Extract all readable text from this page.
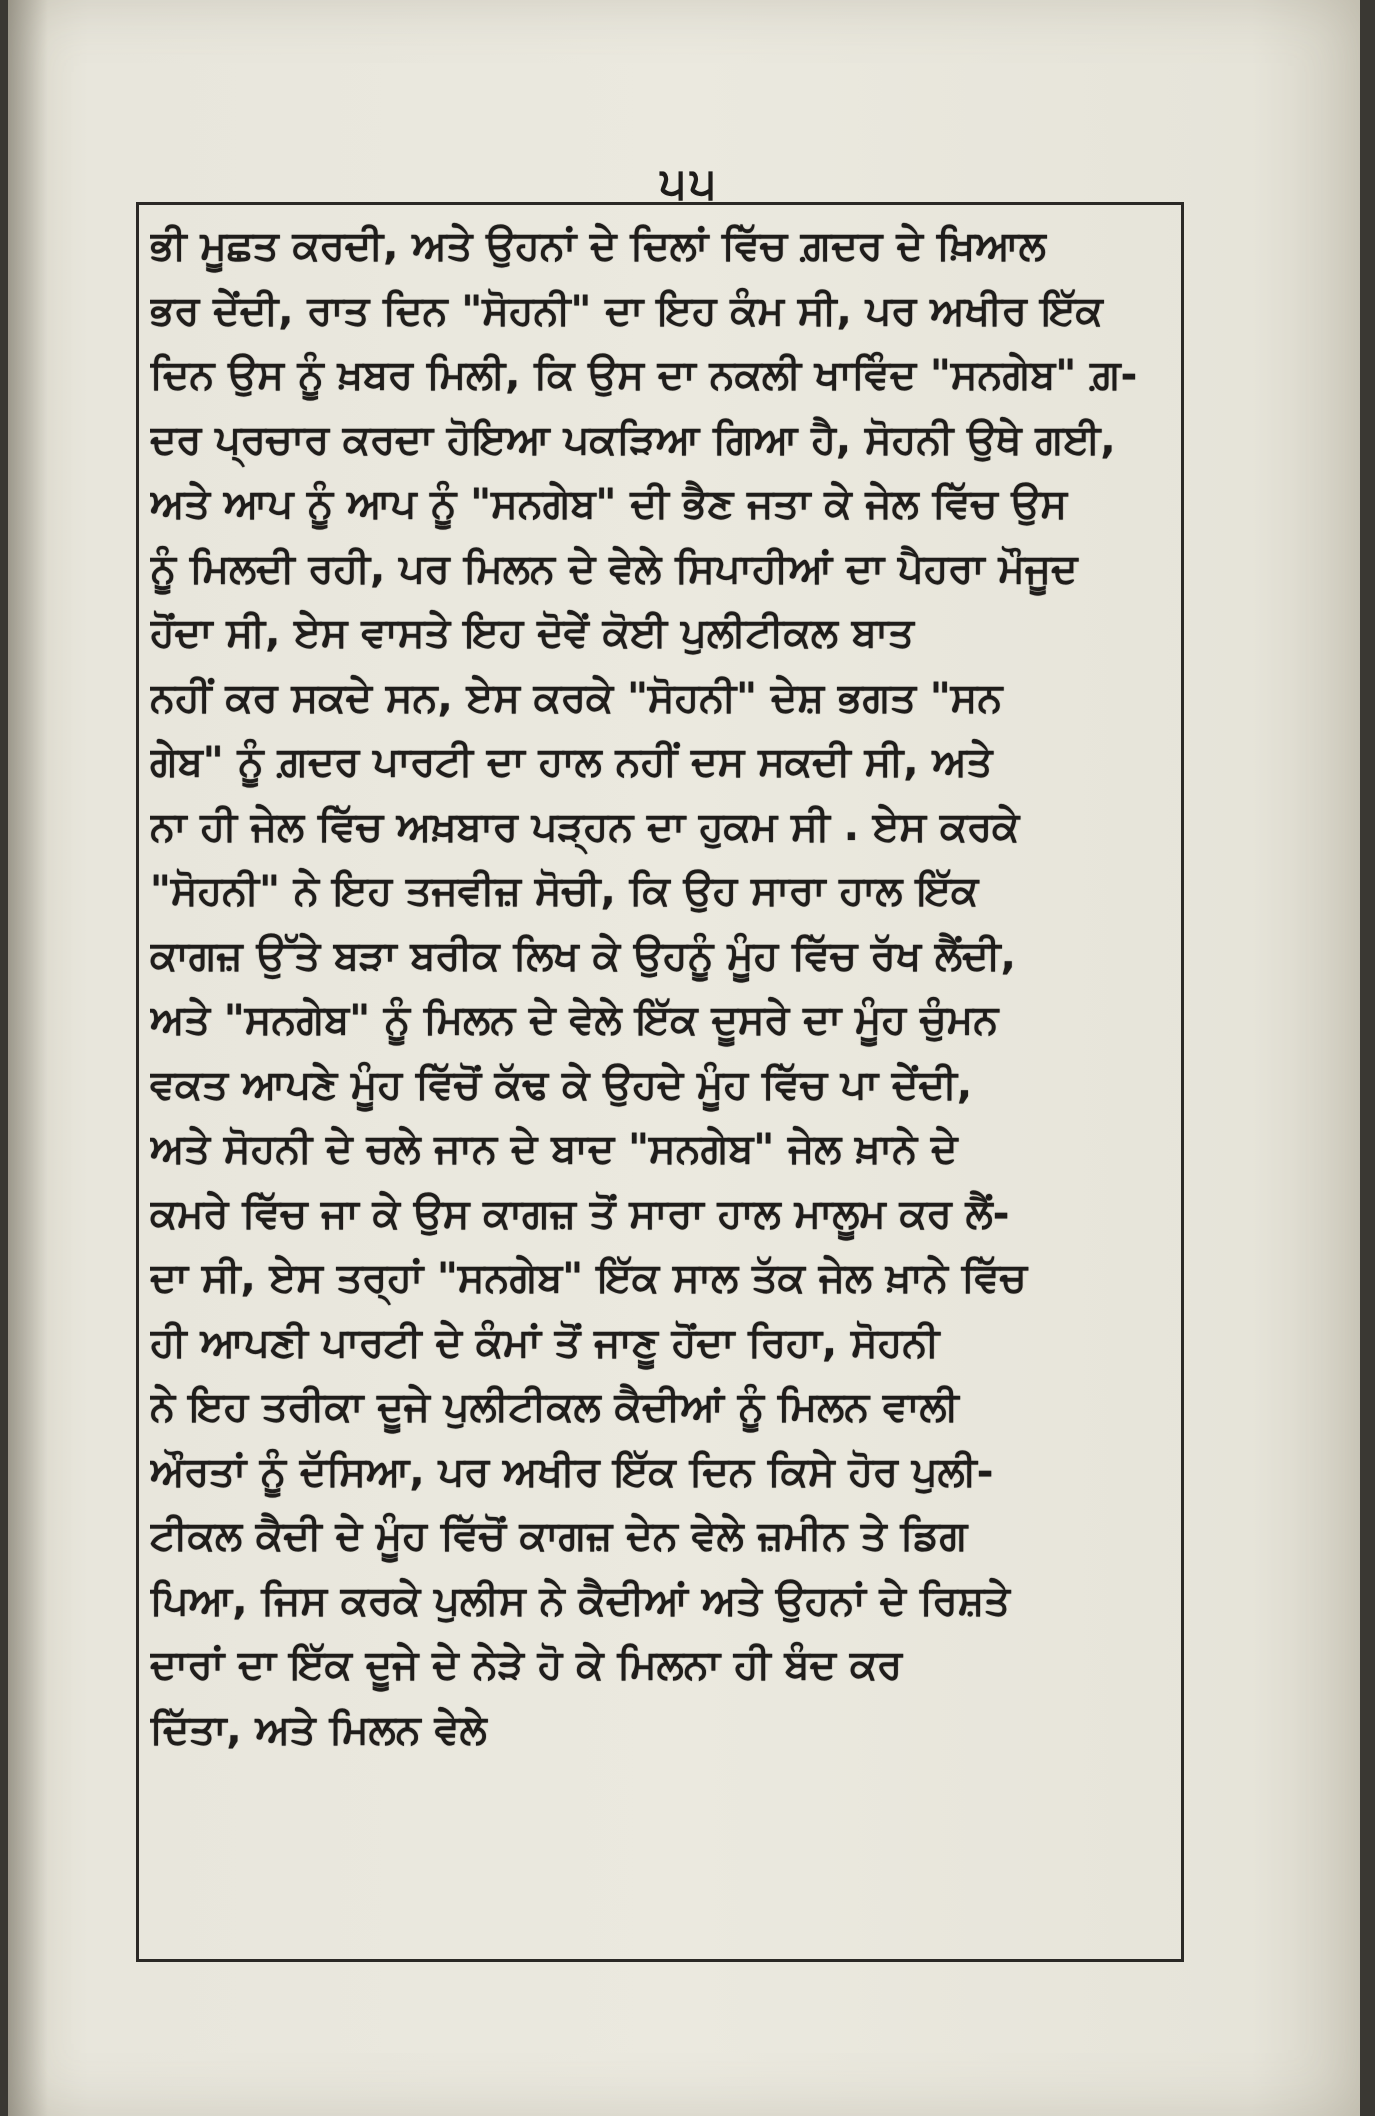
੫੫
ਭੀ ਮੂਛਤ ਕਰਦੀ, ਅਤੇ ਉਹਨਾਂ ਦੇ ਦਿਲਾਂ ਵਿੱਚ ਗ਼ਦਰ ਦੇ ਖ਼ਿਆਲ
ਭਰ ਦੇਂਦੀ, ਰਾਤ ਦਿਨ "ਸੋਹਨੀ" ਦਾ ਇਹ ਕੰਮ ਸੀ, ਪਰ ਅਖੀਰ ਇੱਕ
ਦਿਨ ਉਸ ਨੂੰ ਖ਼ਬਰ ਮਿਲੀ, ਕਿ ਉਸ ਦਾ ਨਕਲੀ ਖਾਵਿੰਦ "ਸਨਗੇਬ" ਗ਼-
ਦਰ ਪ੍ਰਚਾਰ ਕਰਦਾ ਹੋਇਆ ਪਕੜਿਆ ਗਿਆ ਹੈ, ਸੋਹਨੀ ਉਥੇ ਗਈ,
ਅਤੇ ਆਪ ਨੂੰ ਆਪ ਨੂੰ "ਸਨਗੇਬ" ਦੀ ਭੈਣ ਜਤਾ ਕੇ ਜੇਲ ਵਿੱਚ ਉਸ
ਨੂੰ ਮਿਲਦੀ ਰਹੀ, ਪਰ ਮਿਲਨ ਦੇ ਵੇਲੇ ਸਿਪਾਹੀਆਂ ਦਾ ਪੈਹਰਾ ਮੌਜੂਦ
ਹੋਂਦਾ ਸੀ, ਏਸ ਵਾਸਤੇ ਇਹ ਦੋਵੇਂ ਕੋਈ ਪੁਲੀਟੀਕਲ ਬਾਤ
ਨਹੀਂ ਕਰ ਸਕਦੇ ਸਨ, ਏਸ ਕਰਕੇ "ਸੋਹਨੀ" ਦੇਸ਼ ਭਗਤ "ਸਨ
ਗੇਬ" ਨੂੰ ਗ਼ਦਰ ਪਾਰਟੀ ਦਾ ਹਾਲ ਨਹੀਂ ਦਸ ਸਕਦੀ ਸੀ, ਅਤੇ
ਨਾ ਹੀ ਜੇਲ ਵਿੱਚ ਅਖ਼ਬਾਰ ਪੜ੍ਹਨ ਦਾ ਹੁਕਮ ਸੀ . ਏਸ ਕਰਕੇ
"ਸੋਹਨੀ" ਨੇ ਇਹ ਤਜਵੀਜ਼ ਸੋਚੀ, ਕਿ ਉਹ ਸਾਰਾ ਹਾਲ ਇੱਕ
ਕਾਗਜ਼ ਉੱਤੇ ਬੜਾ ਬਰੀਕ ਲਿਖ ਕੇ ਉਹਨੂੰ ਮੂੰਹ ਵਿੱਚ ਰੱਖ ਲੈਂਦੀ,
ਅਤੇ "ਸਨਗੇਬ" ਨੂੰ ਮਿਲਨ ਦੇ ਵੇਲੇ ਇੱਕ ਦੂਸਰੇ ਦਾ ਮੂੰਹ ਚੁੰਮਨ
ਵਕਤ ਆਪਣੇ ਮੂੰਹ ਵਿੱਚੋਂ ਕੱਢ ਕੇ ਉਹਦੇ ਮੂੰਹ ਵਿੱਚ ਪਾ ਦੇਂਦੀ,
ਅਤੇ ਸੋਹਨੀ ਦੇ ਚਲੇ ਜਾਨ ਦੇ ਬਾਦ "ਸਨਗੇਬ" ਜੇਲ ਖ਼ਾਨੇ ਦੇ
ਕਮਰੇ ਵਿੱਚ ਜਾ ਕੇ ਉਸ ਕਾਗਜ਼ ਤੋਂ ਸਾਰਾ ਹਾਲ ਮਾਲੂਮ ਕਰ ਲੈਂ-
ਦਾ ਸੀ, ਏਸ ਤਰ੍ਹਾਂ "ਸਨਗੇਬ" ਇੱਕ ਸਾਲ ਤੱਕ ਜੇਲ ਖ਼ਾਨੇ ਵਿੱਚ
ਹੀ ਆਪਣੀ ਪਾਰਟੀ ਦੇ ਕੰਮਾਂ ਤੋਂ ਜਾਣੂ ਹੋਂਦਾ ਰਿਹਾ, ਸੋਹਨੀ
ਨੇ ਇਹ ਤਰੀਕਾ ਦੂਜੇ ਪੁਲੀਟੀਕਲ ਕੈਦੀਆਂ ਨੂੰ ਮਿਲਨ ਵਾਲੀ
ਔਰਤਾਂ ਨੂੰ ਦੱਸਿਆ, ਪਰ ਅਖੀਰ ਇੱਕ ਦਿਨ ਕਿਸੇ ਹੋਰ ਪੁਲੀ-
ਟੀਕਲ ਕੈਦੀ ਦੇ ਮੂੰਹ ਵਿੱਚੋਂ ਕਾਗਜ਼ ਦੇਨ ਵੇਲੇ ਜ਼ਮੀਨ ਤੇ ਡਿਗ
ਪਿਆ, ਜਿਸ ਕਰਕੇ ਪੁਲੀਸ ਨੇ ਕੈਦੀਆਂ ਅਤੇ ਉਹਨਾਂ ਦੇ ਰਿਸ਼ਤੇ
ਦਾਰਾਂ ਦਾ ਇੱਕ ਦੂਜੇ ਦੇ ਨੇੜੇ ਹੋ ਕੇ ਮਿਲਨਾ ਹੀ ਬੰਦ ਕਰ
ਦਿੱਤਾ, ਅਤੇ ਮਿਲਨ ਵੇਲੇ
